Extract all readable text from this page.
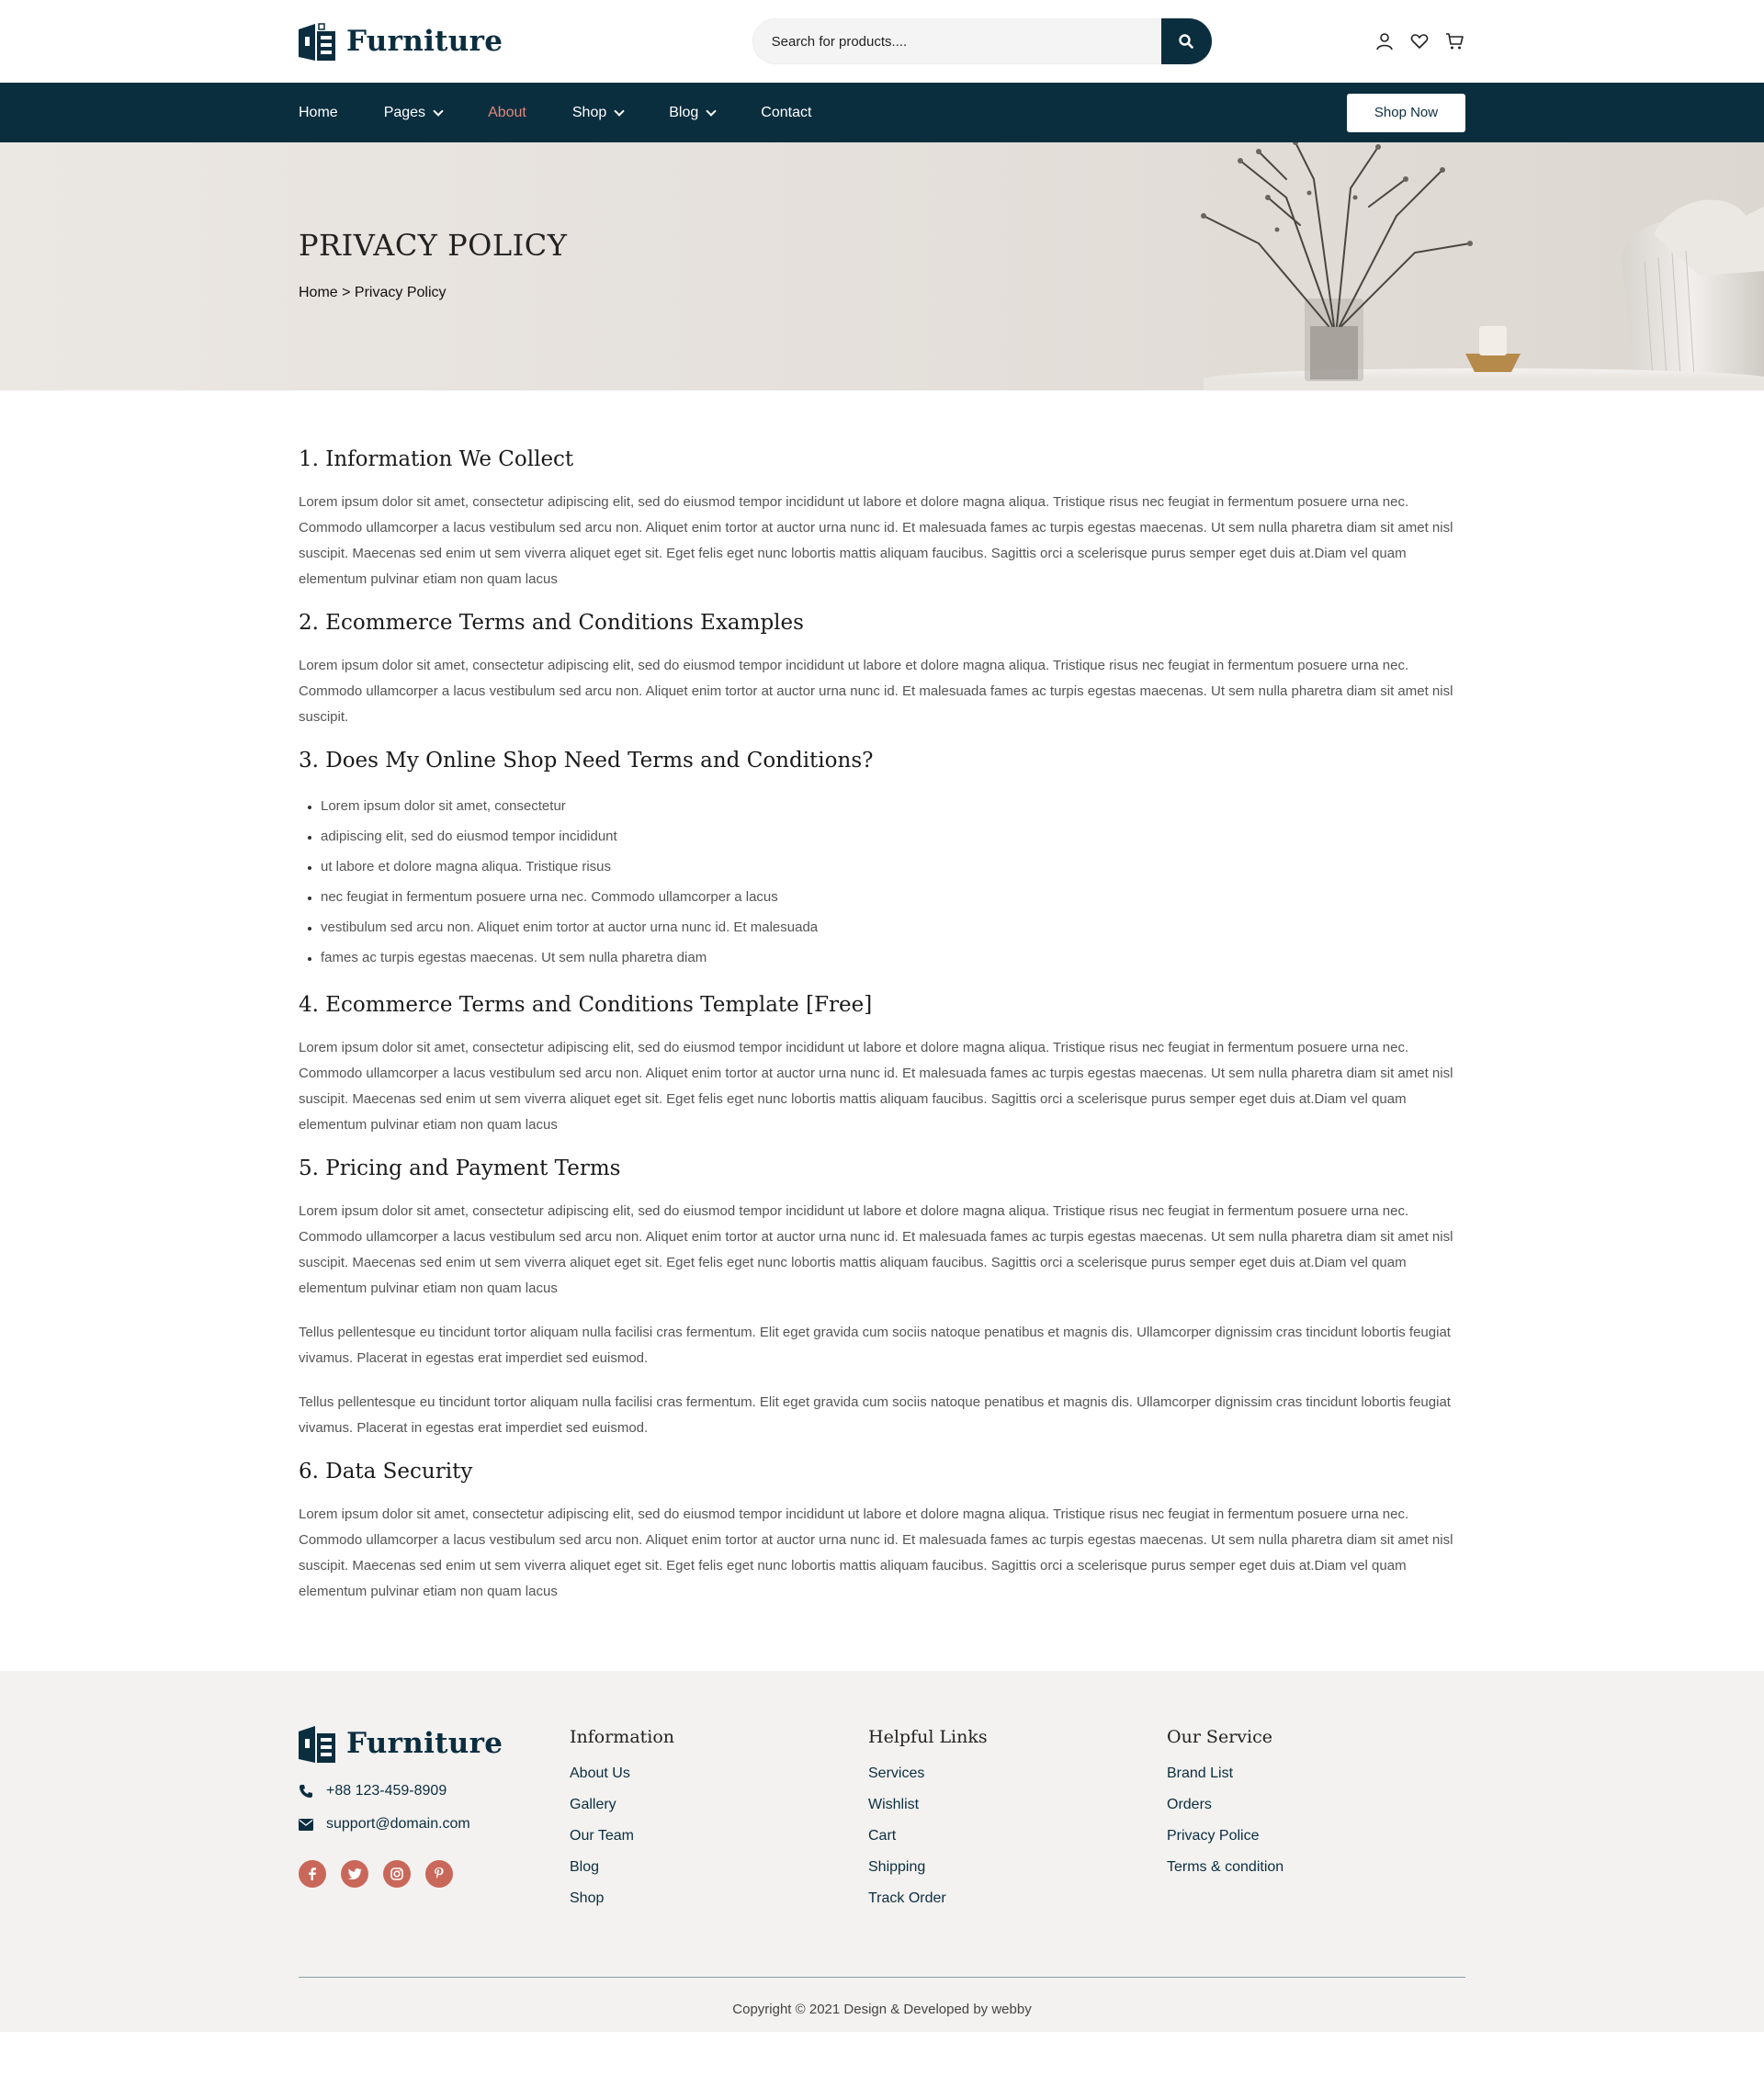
Furniture
Search for products....
Home	Pages	About	Shop	Blog	Contact	Shop Now
PRIVACY POLICY
Home > Privacy Policy
1. Information We Collect

Lorem ipsum dolor sit amet, consectetur adipiscing elit, sed do eiusmod tempor incididunt ut labore et dolore magna aliqua. Tristique risus nec feugiat in fermentum posuere urna nec. Commodo ullamcorper a lacus vestibulum sed arcu non. Aliquet enim tortor at auctor urna nunc id. Et malesuada fames ac turpis egestas maecenas. Ut sem nulla pharetra diam sit amet nisl suscipit. Maecenas sed enim ut sem viverra aliquet eget sit. Eget felis eget nunc lobortis mattis aliquam faucibus. Sagittis orci a scelerisque purus semper eget duis at.Diam vel quam elementum pulvinar etiam non quam lacus

2. Ecommerce Terms and Conditions Examples

Lorem ipsum dolor sit amet, consectetur adipiscing elit, sed do eiusmod tempor incididunt ut labore et dolore magna aliqua. Tristique risus nec feugiat in fermentum posuere urna nec. Commodo ullamcorper a lacus vestibulum sed arcu non. Aliquet enim tortor at auctor urna nunc id. Et malesuada fames ac turpis egestas maecenas. Ut sem nulla pharetra diam sit amet nisl suscipit.

3. Does My Online Shop Need Terms and Conditions?
• Lorem ipsum dolor sit amet, consectetur
• adipiscing elit, sed do eiusmod tempor incididunt
• ut labore et dolore magna aliqua. Tristique risus
• nec feugiat in fermentum posuere urna nec. Commodo ullamcorper a lacus
• vestibulum sed arcu non. Aliquet enim tortor at auctor urna nunc id. Et malesuada
• fames ac turpis egestas maecenas. Ut sem nulla pharetra diam
4. Ecommerce Terms and Conditions Template [Free]

Lorem ipsum dolor sit amet, consectetur adipiscing elit, sed do eiusmod tempor incididunt ut labore et dolore magna aliqua. Tristique risus nec feugiat in fermentum posuere urna nec. Commodo ullamcorper a lacus vestibulum sed arcu non. Aliquet enim tortor at auctor urna nunc id. Et malesuada fames ac turpis egestas maecenas. Ut sem nulla pharetra diam sit amet nisl suscipit. Maecenas sed enim ut sem viverra aliquet eget sit. Eget felis eget nunc lobortis mattis aliquam faucibus. Sagittis orci a scelerisque purus semper eget duis at.Diam vel quam elementum pulvinar etiam non quam lacus

5. Pricing and Payment Terms

Lorem ipsum dolor sit amet, consectetur adipiscing elit, sed do eiusmod tempor incididunt ut labore et dolore magna aliqua. Tristique risus nec feugiat in fermentum posuere urna nec. Commodo ullamcorper a lacus vestibulum sed arcu non. Aliquet enim tortor at auctor urna nunc id. Et malesuada fames ac turpis egestas maecenas. Ut sem nulla pharetra diam sit amet nisl suscipit. Maecenas sed enim ut sem viverra aliquet eget sit. Eget felis eget nunc lobortis mattis aliquam faucibus. Sagittis orci a scelerisque purus semper eget duis at.Diam vel quam elementum pulvinar etiam non quam lacus

Tellus pellentesque eu tincidunt tortor aliquam nulla facilisi cras fermentum. Elit eget gravida cum sociis natoque penatibus et magnis dis. Ullamcorper dignissim cras tincidunt lobortis feugiat vivamus. Placerat in egestas erat imperdiet sed euismod.

Tellus pellentesque eu tincidunt tortor aliquam nulla facilisi cras fermentum. Elit eget gravida cum sociis natoque penatibus et magnis dis. Ullamcorper dignissim cras tincidunt lobortis feugiat vivamus. Placerat in egestas erat imperdiet sed euismod.

6. Data Security

Lorem ipsum dolor sit amet, consectetur adipiscing elit, sed do eiusmod tempor incididunt ut labore et dolore magna aliqua. Tristique risus nec feugiat in fermentum posuere urna nec. Commodo ullamcorper a lacus vestibulum sed arcu non. Aliquet enim tortor at auctor urna nunc id. Et malesuada fames ac turpis egestas maecenas. Ut sem nulla pharetra diam sit amet nisl suscipit. Maecenas sed enim ut sem viverra aliquet eget sit. Eget felis eget nunc lobortis mattis aliquam faucibus. Sagittis orci a scelerisque purus semper eget duis at.Diam vel quam elementum pulvinar etiam non quam lacus

Furniture
+88 123-459-8909
support@domain.com
Information
About Us
Gallery
Our Team
Blog
Shop
Helpful Links
Services
Wishlist
Cart
Shipping
Track Order
Our Service
Brand List
Orders
Privacy Police
Terms & condition
Copyright © 2021 Design & Developed by webby
